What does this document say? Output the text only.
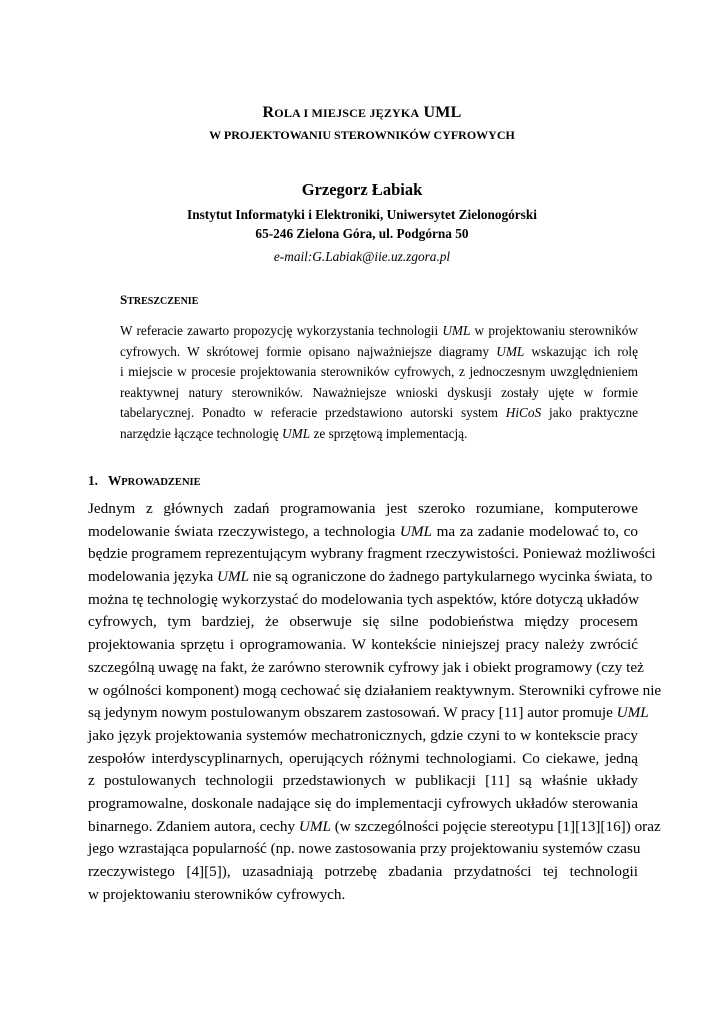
ROLA I MIEJSCE JĘZYKA UML
W PROJEKTOWANIU STEROWNIKÓW CYFROWYCH
Grzegorz Łabiak
Instytut Informatyki i Elektroniki, Uniwersytet Zielonogórski
65-246 Zielona Góra, ul. Podgórna 50
e-mail:G.Labiak@iie.uz.zgora.pl
STRESZCZENIE
W referacie zawarto propozycję wykorzystania technologii UML w projektowaniu sterowników
cyfrowych. W skrótowej formie opisano najważniejsze diagramy UML wskazując ich rolę
i miejscie w procesie projektowania sterowników cyfrowych, z jednoczesnym uwzględnieniem
reaktywnej natury sterowników. Naważniejsze wnioski dyskusji zostały ujęte w formie
tabelarycznej. Ponadto w referacie przedstawiono autorski system HiCoS jako praktyczne
narzędzie łączące technologię UML ze sprzętową implementacją.
1. WPROWADZENIE
Jednym z głównych zadań programowania jest szeroko rozumiane, komputerowe
modelowanie świata rzeczywistego, a technologia UML ma za zadanie modelować to, co
będzie programem reprezentującym wybrany fragment rzeczywistości. Ponieważ możliwości
modelowania języka UML nie są ograniczone do żadnego partykularnego wycinka świata, to
można tę technologię wykorzystać do modelowania tych aspektów, które dotyczą układów
cyfrowych, tym bardziej, że obserwuje się silne podobieństwa między procesem
projektowania sprzętu i oprogramowania. W kontekście niniejszej pracy należy zwrócić
szczególną uwagę na fakt, że zarówno sterownik cyfrowy jak i obiekt programowy (czy też
w ogólności komponent) mogą cechować się działaniem reaktywnym. Sterowniki cyfrowe nie
są jedynym nowym postulowanym obszarem zastosowań. W pracy [11] autor promuje UML
jako język projektowania systemów mechatronicznych, gdzie czyni to w kontekscie pracy
zespołów interdyscyplinarnych, operujących różnymi technologiami. Co ciekawe, jedną
z postulowanych technologii przedstawionych w publikacji [11] są właśnie układy
programowalne, doskonale nadające się do implementacji cyfrowych układów sterowania
binarnego. Zdaniem autora, cechy UML (w szczególności pojęcie stereotypu [1][13][16]) oraz
jego wzrastająca popularność (np. nowe zastosowania przy projektowaniu systemów czasu
rzeczywistego [4][5]), uzasadniają potrzebę zbadania przydatności tej technologii
w projektowaniu sterowników cyfrowych.
